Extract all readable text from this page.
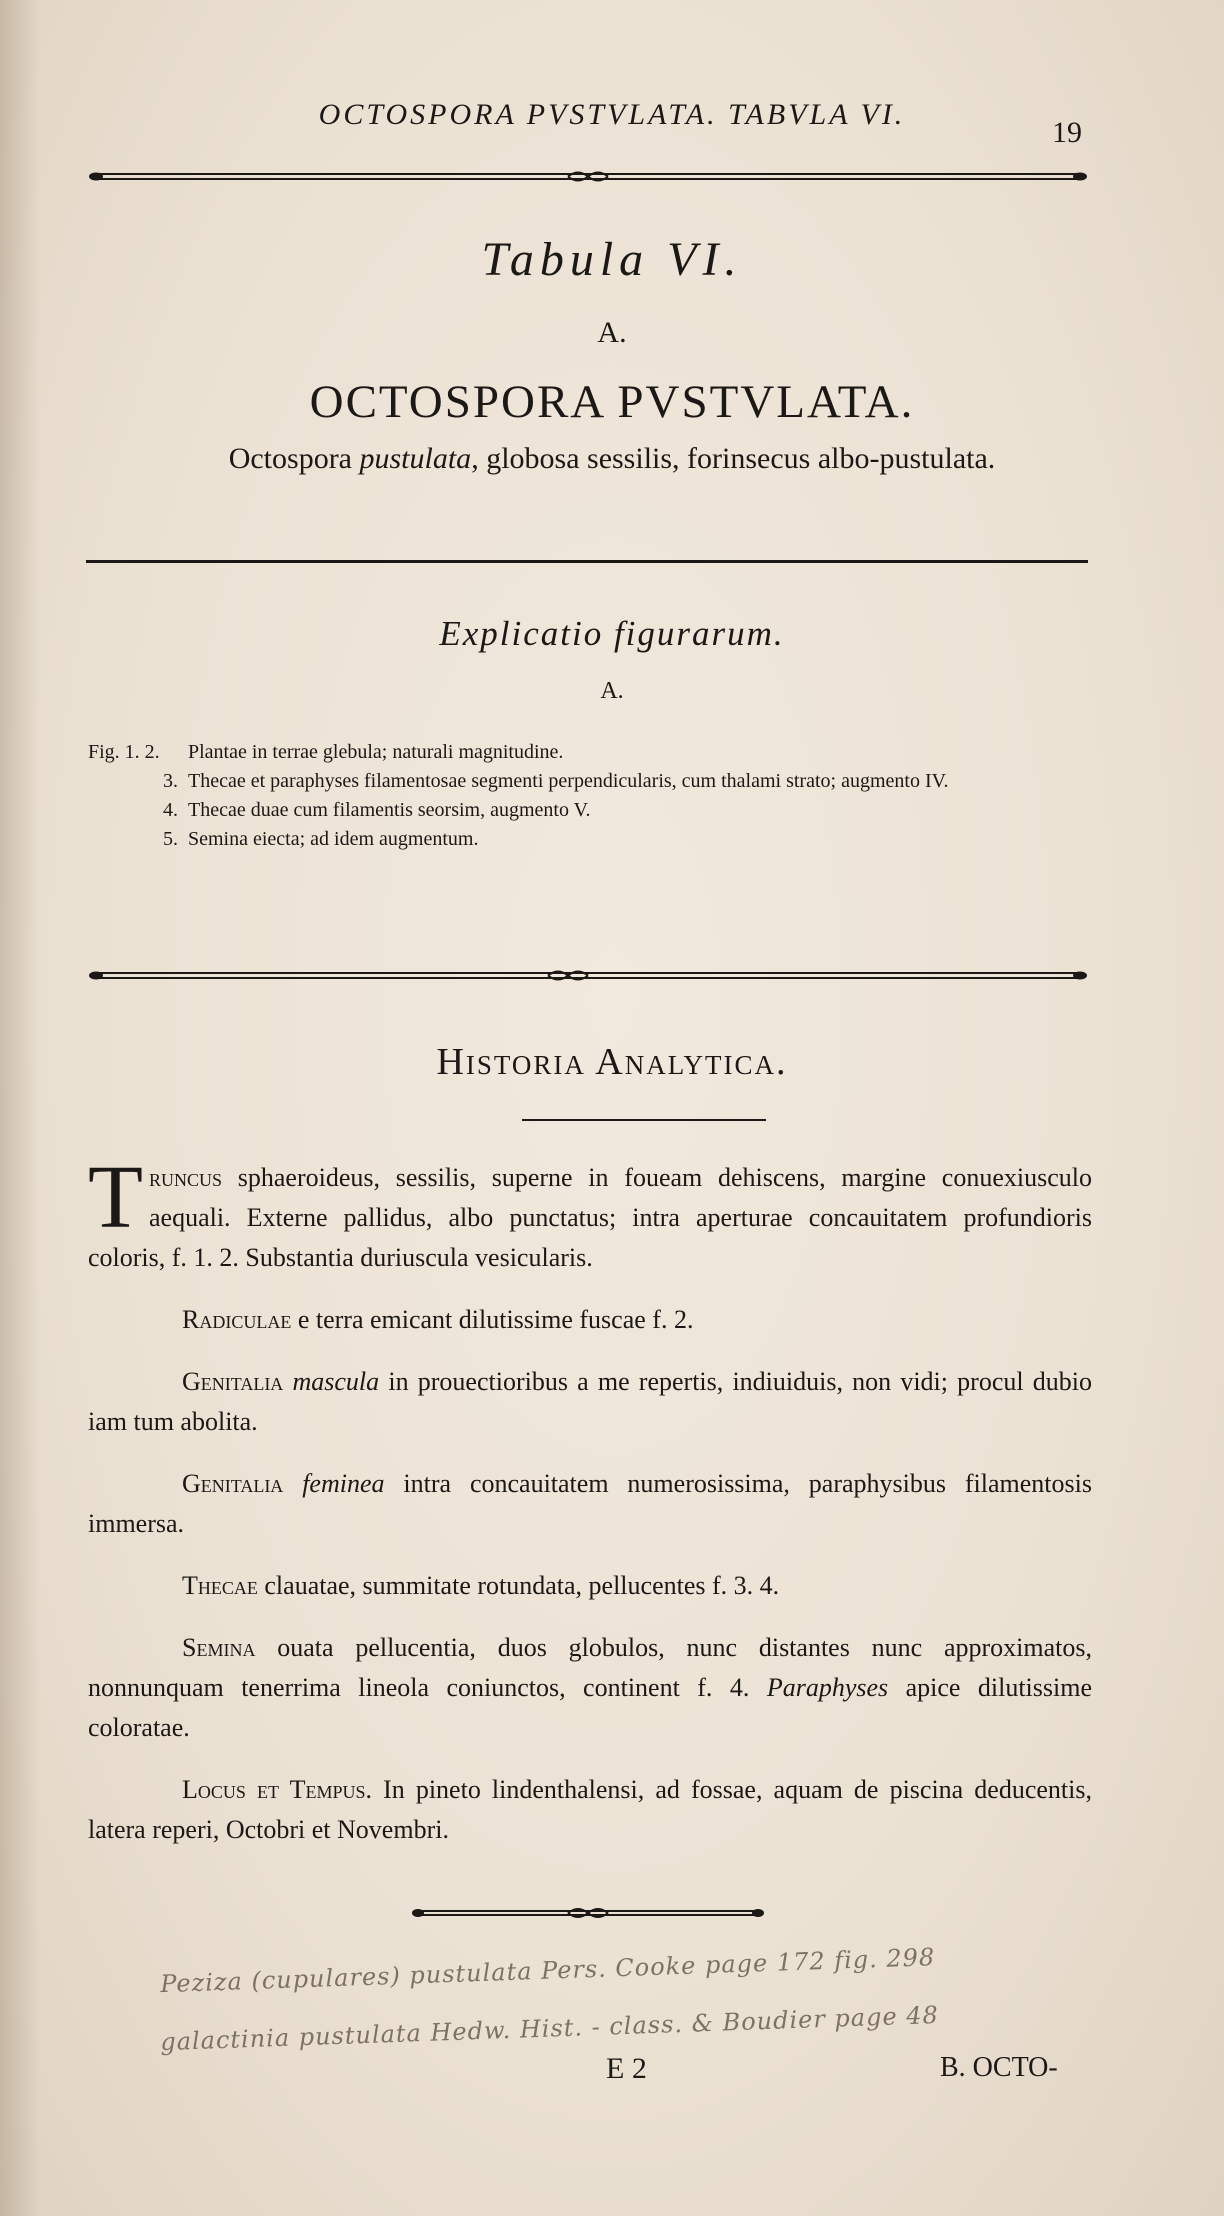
OCTOSPORA PVSTVLATA. TABVLA VI.
19
Tabula VI.
A.
OCTOSPORA PVSTVLATA.
Octospora pustulata, globosa sessilis, forinsecus albo-pustulata.
Explicatio figurarum.
A.
Fig. 1. 2.	Plantae in terrae glebula; naturali magnitudine.
3. Thecae et paraphyses filamentosae segmenti perpendicularis, cum thalami strato; augmento IV.
4. Thecae duae cum filamentis seorsim, augmento V.
5. Semina eiecta; ad idem augmentum.
Historia Analytica.

Truncus sphaeroideus, sessilis, superne in foueam dehiscens, margine conuexiusculo aequali. Externe pallidus, albo punctatus; intra aperturae concauitatem profundioris coloris, f. 1. 2. Substantia duriuscula vesicularis.

Radiculae e terra emicant dilutissime fuscae f. 2.

Genitalia mascula in prouectioribus a me repertis, indiuiduis, non vidi; procul dubio iam tum abolita.

Genitalia feminea intra concauitatem numerosissima, paraphysibus filamentosis immersa.

Thecae clauatae, summitate rotundata, pellucentes f. 3. 4.

Semina ouata pellucentia, duos globulos, nunc distantes nunc approximatos, nonnunquam tenerrima lineola coniunctos, continent f. 4. Paraphyses apice dilutissime coloratae.

Locus et Tempus. In pineto lindenthalensi, ad fossae, aquam de piscina deducentis, latera reperi, Octobri et Novembri.

Peziza (cupulares) pustulata Pers. Cooke page 172 fig. 298
galactinia pustulata Hedw. Hist. - class. & Boudier page 48
E 2	B. OCTO-
